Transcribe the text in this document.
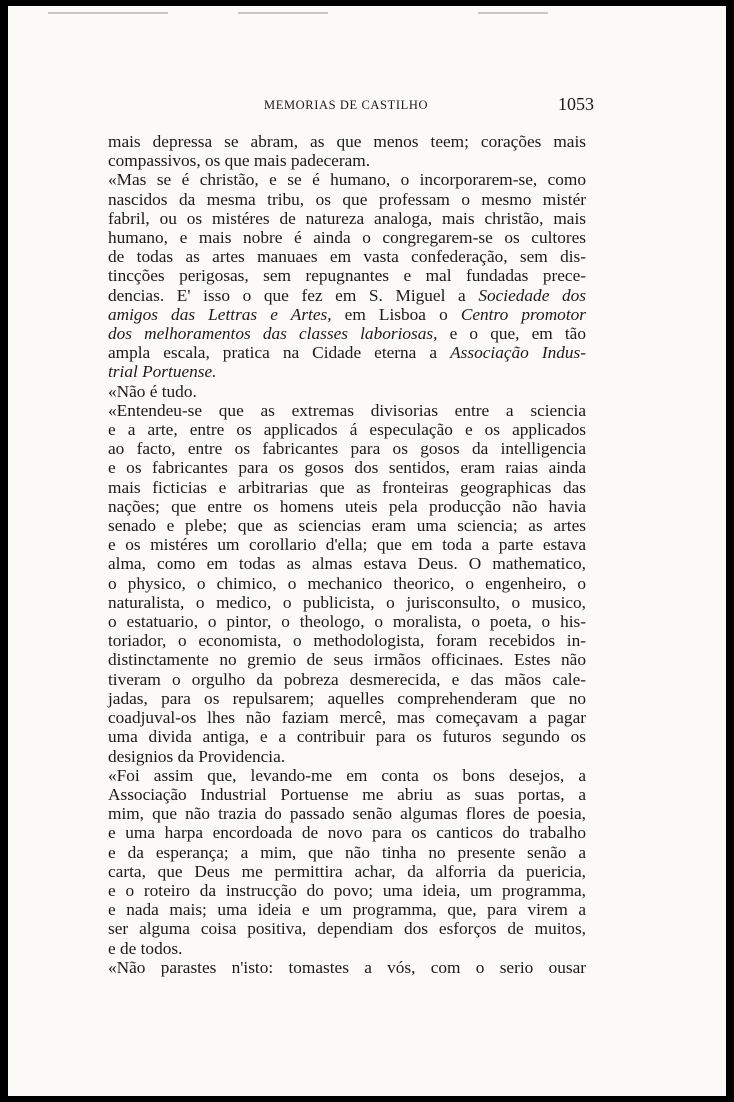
MEMORIAS DE CASTILHO	1053

mais depressa se abram, as que menos teem; corações mais

compassivos, os que mais padeceram.

«Mas se é christão, e se é humano, o incorporarem-se, como

nascidos da mesma tribu, os que professam o mesmo mistér

fabril, ou os mistéres de natureza analoga, mais christão, mais

humano, e mais nobre é ainda o congregarem-se os cultores

de todas as artes manuaes em vasta confederação, sem dis-

tincções perigosas, sem repugnantes e mal fundadas prece-

dencias. E' isso o que fez em S. Miguel a Sociedade dos

amigos das Lettras e Artes, em Lisboa o Centro promotor

dos melhoramentos das classes laboriosas, e o que, em tão

ampla escala, pratica na Cidade eterna a Associação Indus-

trial Portuense.

«Não é tudo.

«Entendeu-se que as extremas divisorias entre a sciencia

e a arte, entre os applicados á especulação e os applicados

ao facto, entre os fabricantes para os gosos da intelligencia

e os fabricantes para os gosos dos sentidos, eram raias ainda

mais ficticias e arbitrarias que as fronteiras geographicas das

nações; que entre os homens uteis pela producção não havia

senado e plebe; que as sciencias eram uma sciencia; as artes

e os mistéres um corollario d'ella; que em toda a parte estava

alma, como em todas as almas estava Deus. O mathematico,

o physico, o chimico, o mechanico theorico, o engenheiro, o

naturalista, o medico, o publicista, o jurisconsulto, o musico,

o estatuario, o pintor, o theologo, o moralista, o poeta, o his-

toriador, o economista, o methodologista, foram recebidos in-

distinctamente no gremio de seus irmãos officinaes. Estes não

tiveram o orgulho da pobreza desmerecida, e das mãos cale-

jadas, para os repulsarem; aquelles comprehenderam que no

coadjuval-os lhes não faziam mercê, mas começavam a pagar

uma divida antiga, e a contribuir para os futuros segundo os

designios da Providencia.

«Foi assim que, levando-me em conta os bons desejos, a

Associação Industrial Portuense me abriu as suas portas, a

mim, que não trazia do passado senão algumas flores de poesia,

e uma harpa encordoada de novo para os canticos do trabalho

e da esperança; a mim, que não tinha no presente senão a

carta, que Deus me permittira achar, da alforria da puericia,

e o roteiro da instrucção do povo; uma ideia, um programma,

e nada mais; uma ideia e um programma, que, para virem a

ser alguma coisa positiva, dependiam dos esforços de muitos,

e de todos.

«Não parastes n'isto: tomastes a vós, com o serio ousar
